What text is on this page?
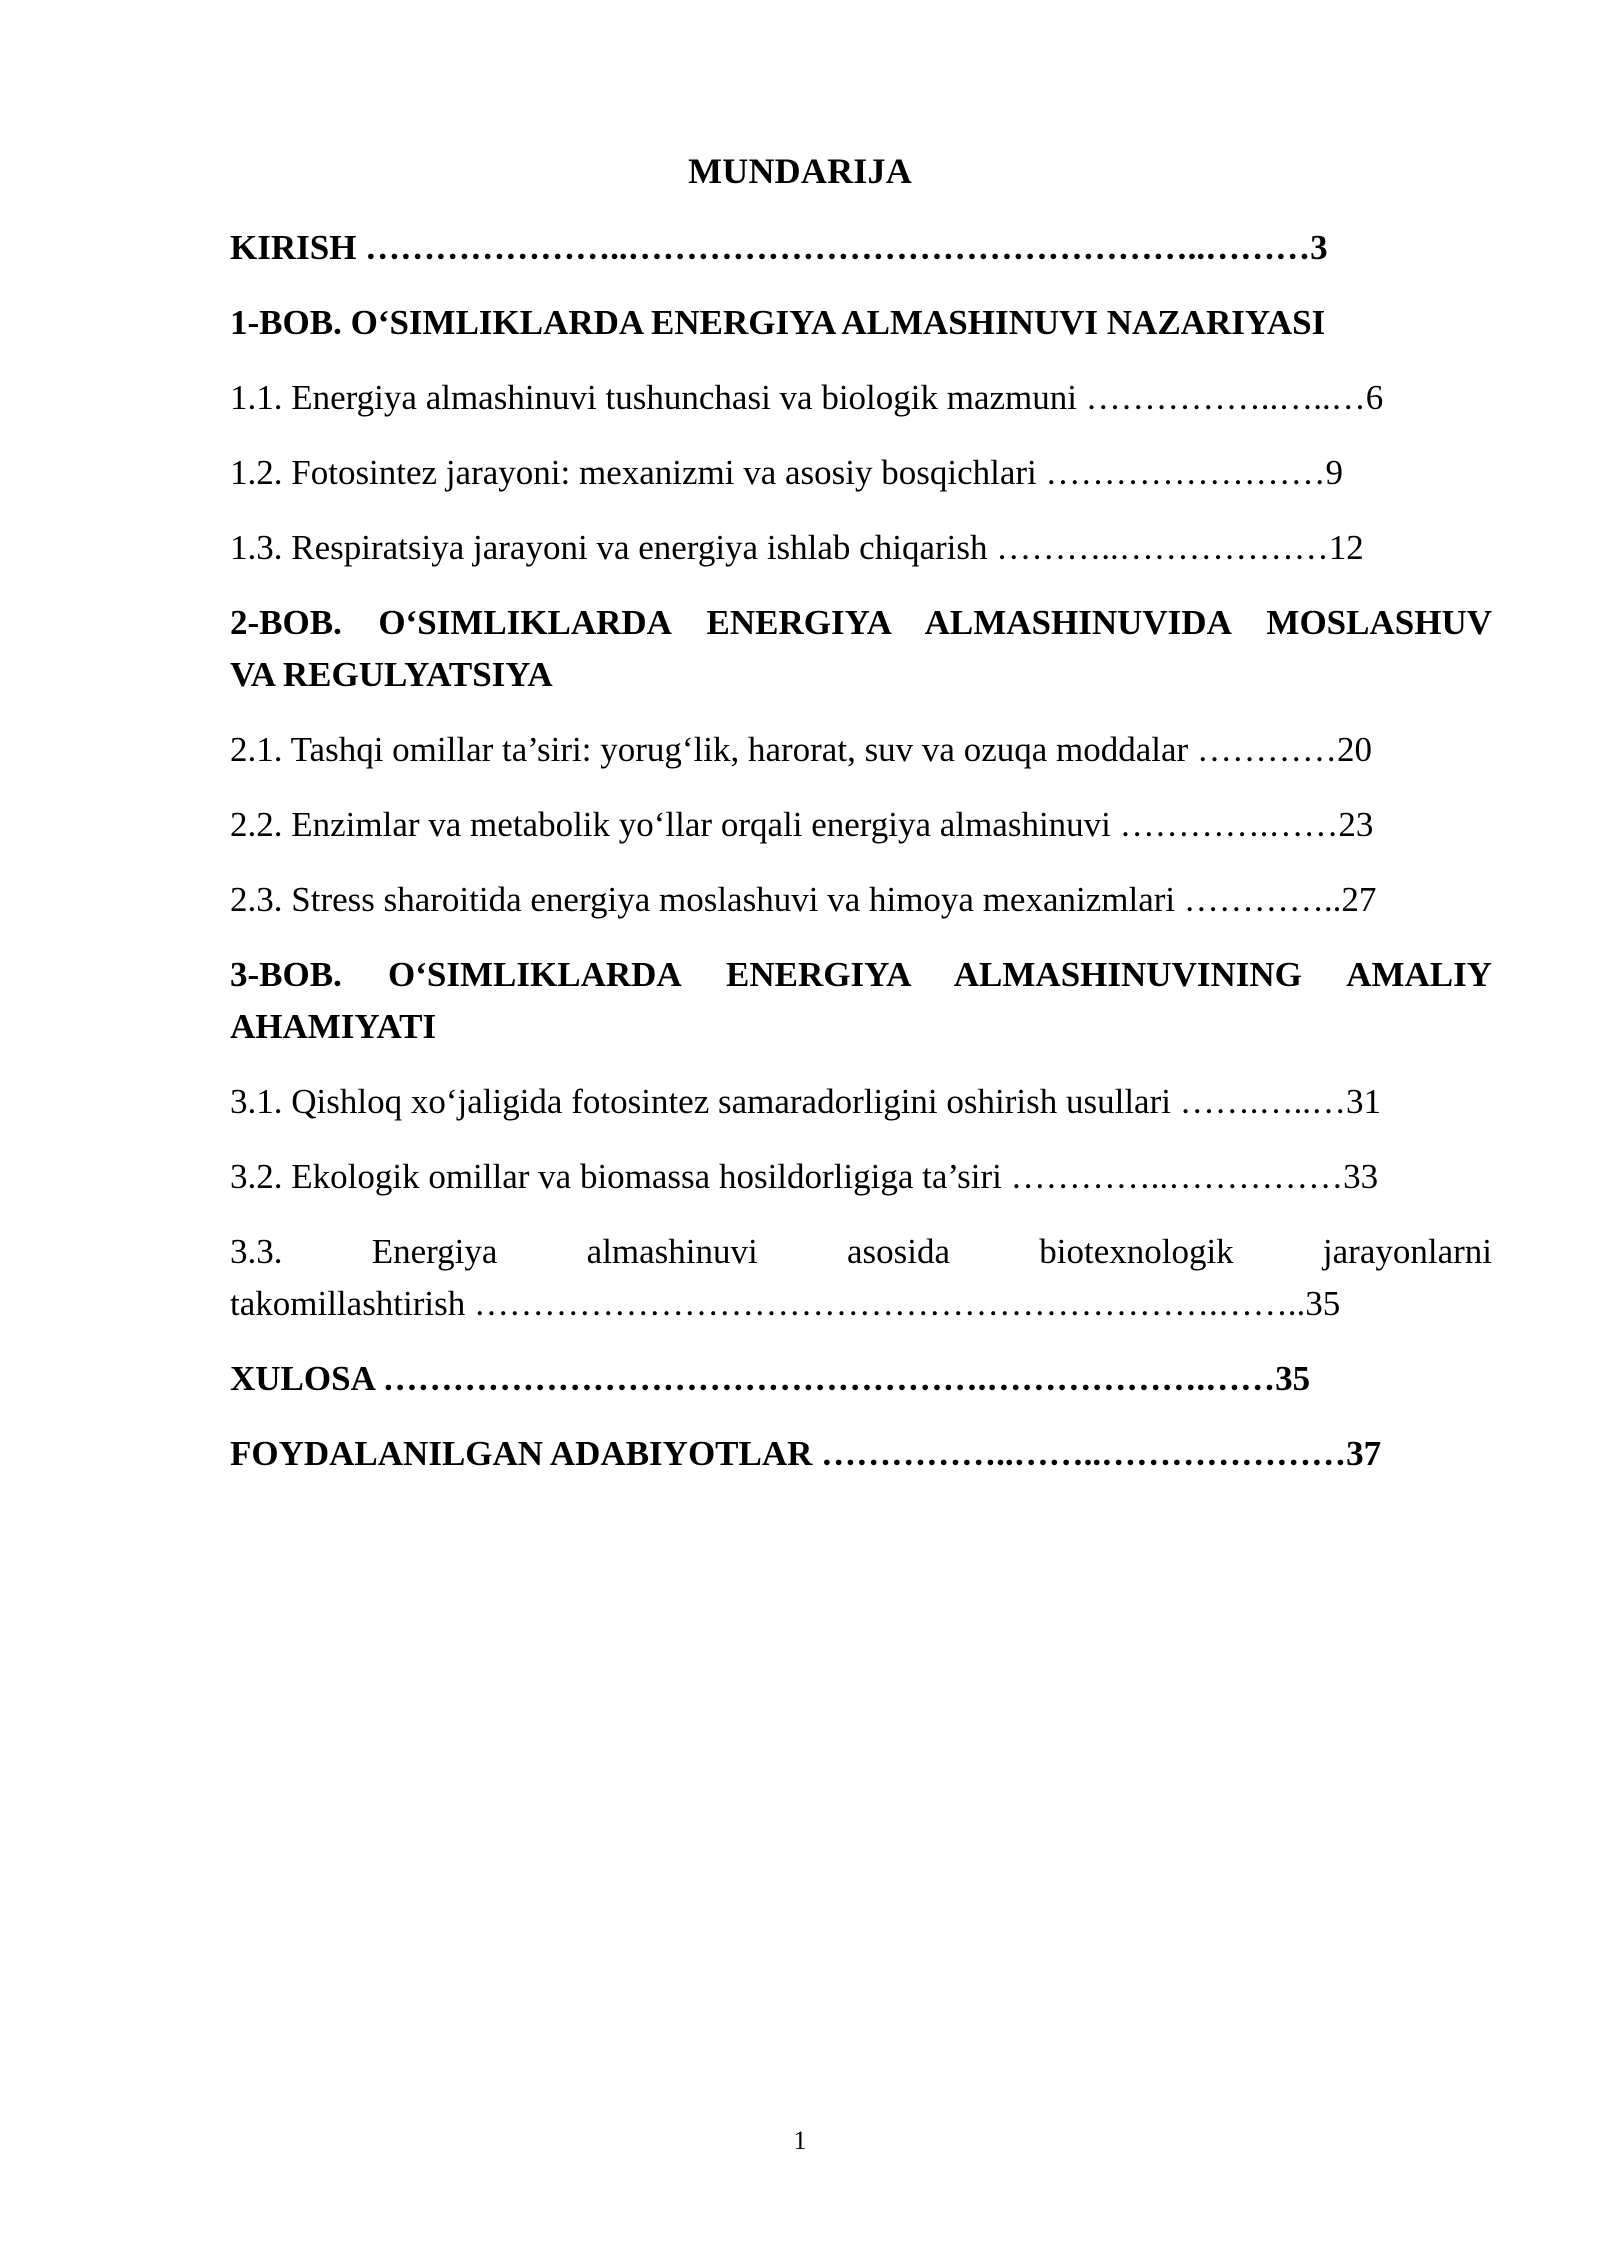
MUNDARIJA

KIRISH …………………..…………………………………………..………3

1-BOB. O‘SIMLIKLARDA ENERGIYA ALMASHINUVI NAZARIYASI

1.1. Energiya almashinuvi tushunchasi va biologik mazmuni ……………..…..…6

1.2. Fotosintez jarayoni: mexanizmi va asosiy bosqichlari ……………………9

1.3. Respiratsiya jarayoni va energiya ishlab chiqarish ………..………………12

2-BOB. O‘SIMLIKLARDA ENERGIYA ALMASHINUVIDA MOSLASHUV
VA REGULYATSIYA

2.1. Tashqi omillar ta’siri: yorug‘lik, harorat, suv va ozuqa moddalar …………20

2.2. Enzimlar va metabolik yo‘llar orqali energiya almashinuvi ………….……23

2.3. Stress sharoitida energiya moslashuvi va himoya mexanizmlari …………..27

3-BOB. O‘SIMLIKLARDA ENERGIYA ALMASHINUVINING AMALIY
AHAMIYATI

3.1. Qishloq xo‘jaligida fotosintez samaradorligini oshirish usullari …….…..…31

3.2. Ekologik omillar va biomassa hosildorligiga ta’siri …………..……………33

3.3. Energiya almashinuvi asosida biotexnologik jarayonlarni
takomillashtirish ……………………………………………………….……..35

XULOSA …………………………………………….……………….……35

FOYDALANILGAN ADABIYOTLAR ……………..……..…………………37

1
